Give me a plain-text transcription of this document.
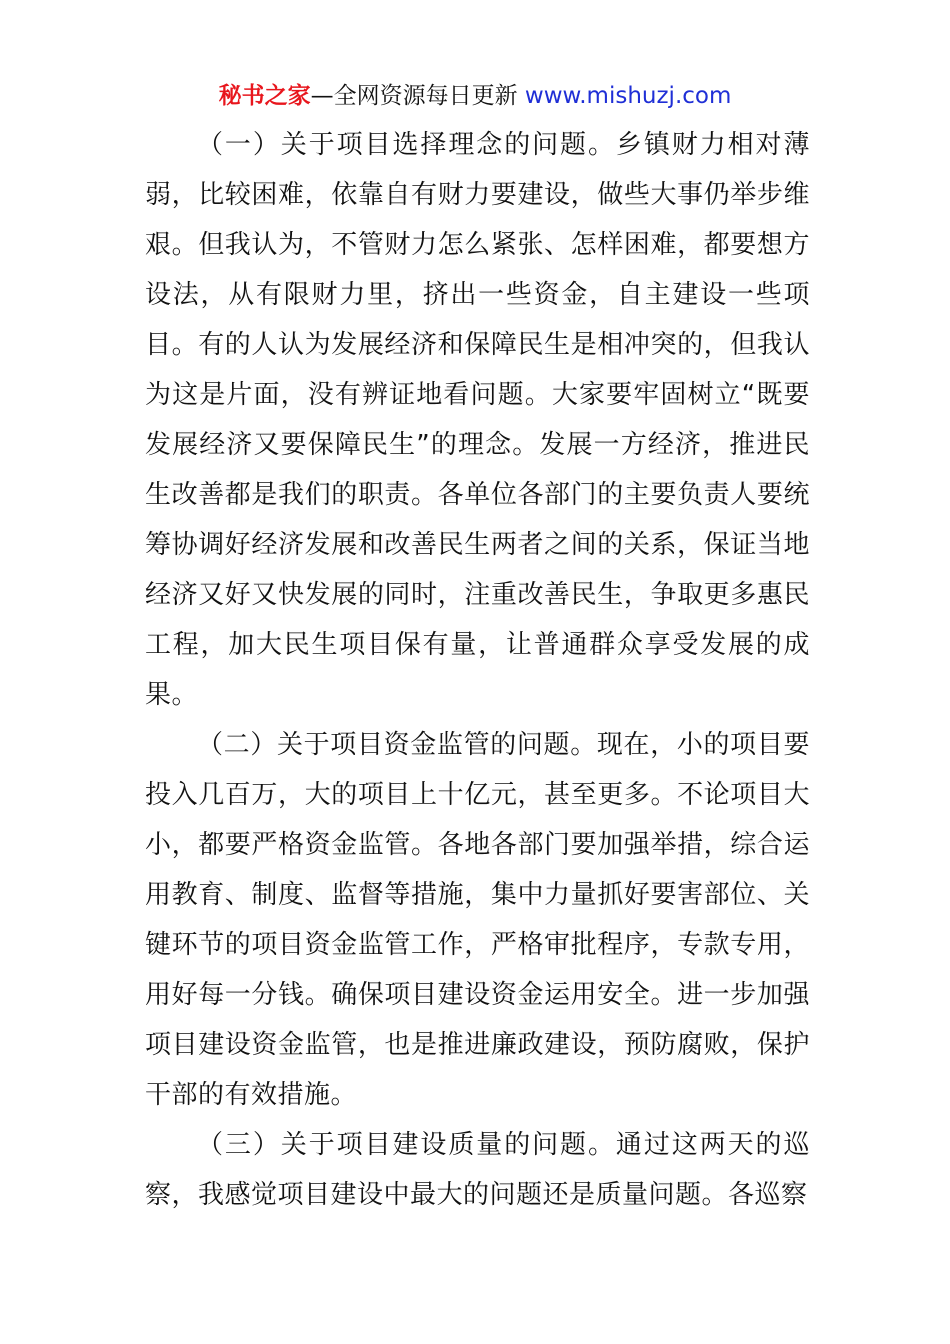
秘书之家—全网资源每日更新 www.mishuzj.com

（一）关于项目选择理念的问题。乡镇财力相对薄弱，比较困难，依靠自有财力要建设，做些大事仍举步维艰。但我认为，不管财力怎么紧张、怎样困难，都要想方设法，从有限财力里，挤出一些资金，自主建设一些项目。有的人认为发展经济和保障民生是相冲突的，但我认为这是片面，没有辨证地看问题。大家要牢固树立“既要发展经济又要保障民生”的理念。发展一方经济，推进民生改善都是我们的职责。各单位各部门的主要负责人要统筹协调好经济发展和改善民生两者之间的关系，保证当地经济又好又快发展的同时，注重改善民生，争取更多惠民工程，加大民生项目保有量，让普通群众享受发展的成果。

（二）关于项目资金监管的问题。现在，小的项目要投入几百万，大的项目上十亿元，甚至更多。不论项目大小，都要严格资金监管。各地各部门要加强举措，综合运用教育、制度、监督等措施，集中力量抓好要害部位、关键环节的项目资金监管工作，严格审批程序，专款专用，用好每一分钱。确保项目建设资金运用安全。进一步加强项目建设资金监管，也是推进廉政建设，预防腐败，保护干部的有效措施。

（三）关于项目建设质量的问题。通过这两天的巡察，我感觉项目建设中最大的问题还是质量问题。各巡察
